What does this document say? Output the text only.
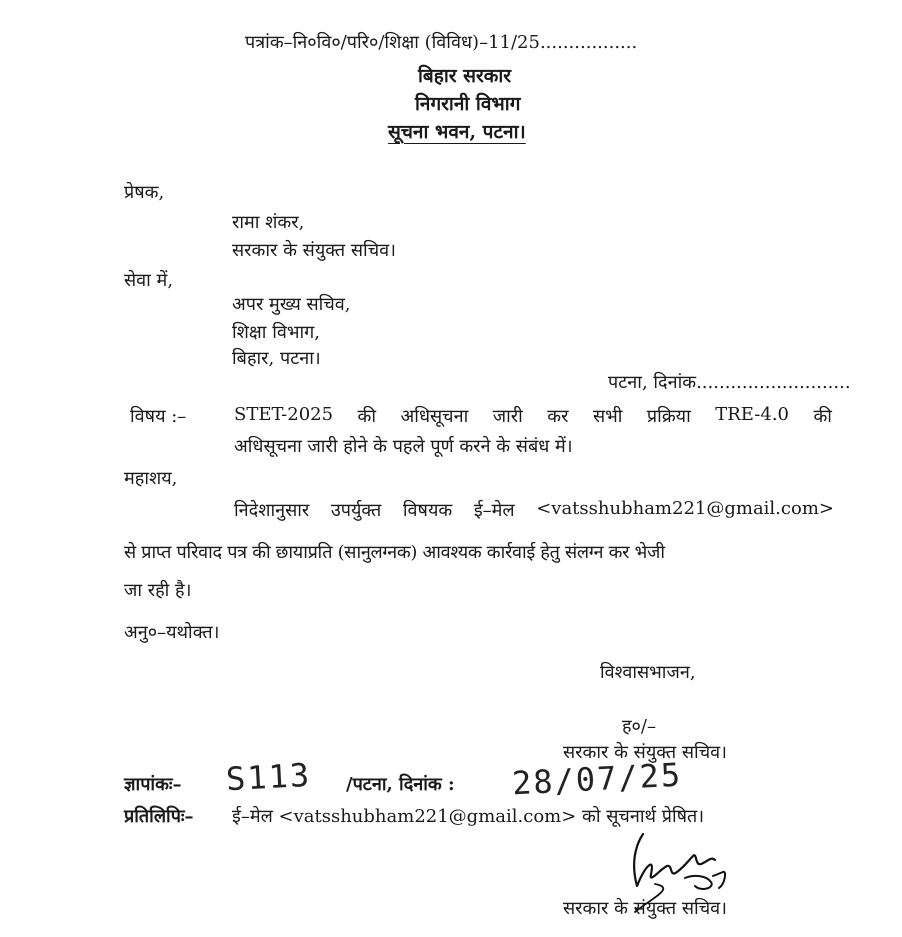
पत्रांक–नि०वि०/परि०/शिक्षा (विविध)–11/25.................
बिहार सरकार
निगरानी विभाग
सूचना भवन, पटना।
प्रेषक,
रामा शंकर,
सरकार के संयुक्त सचिव।
सेवा में,
अपर मुख्य सचिव,
शिक्षा विभाग,
बिहार, पटना।
पटना, दिनांक...........................
विषय :–	STET-2025 की अधिसूचना जारी कर सभी प्रक्रिया TRE-4.0 की
अधिसूचना जारी होने के पहले पूर्ण करने के संबंध में।
महाशय,
निदेशानुसार उपर्युक्त विषयक ई–मेल <vatsshubham221@gmail.com>
से प्राप्त परिवाद पत्र की छायाप्रति (सानुलग्नक) आवश्यक कार्रवाई हेतु संलग्न कर भेजी
जा रही है।
अनु०–यथोक्त।
विश्वासभाजन,
ह०/–
सरकार के संयुक्त सचिव।
ज्ञापांकः– S113 /पटना, दिनांक : 28/07/25
प्रतिलिपिः– ई–मेल <vatsshubham221@gmail.com> को सूचनार्थ प्रेषित।
सरकार के संयुक्त सचिव।
